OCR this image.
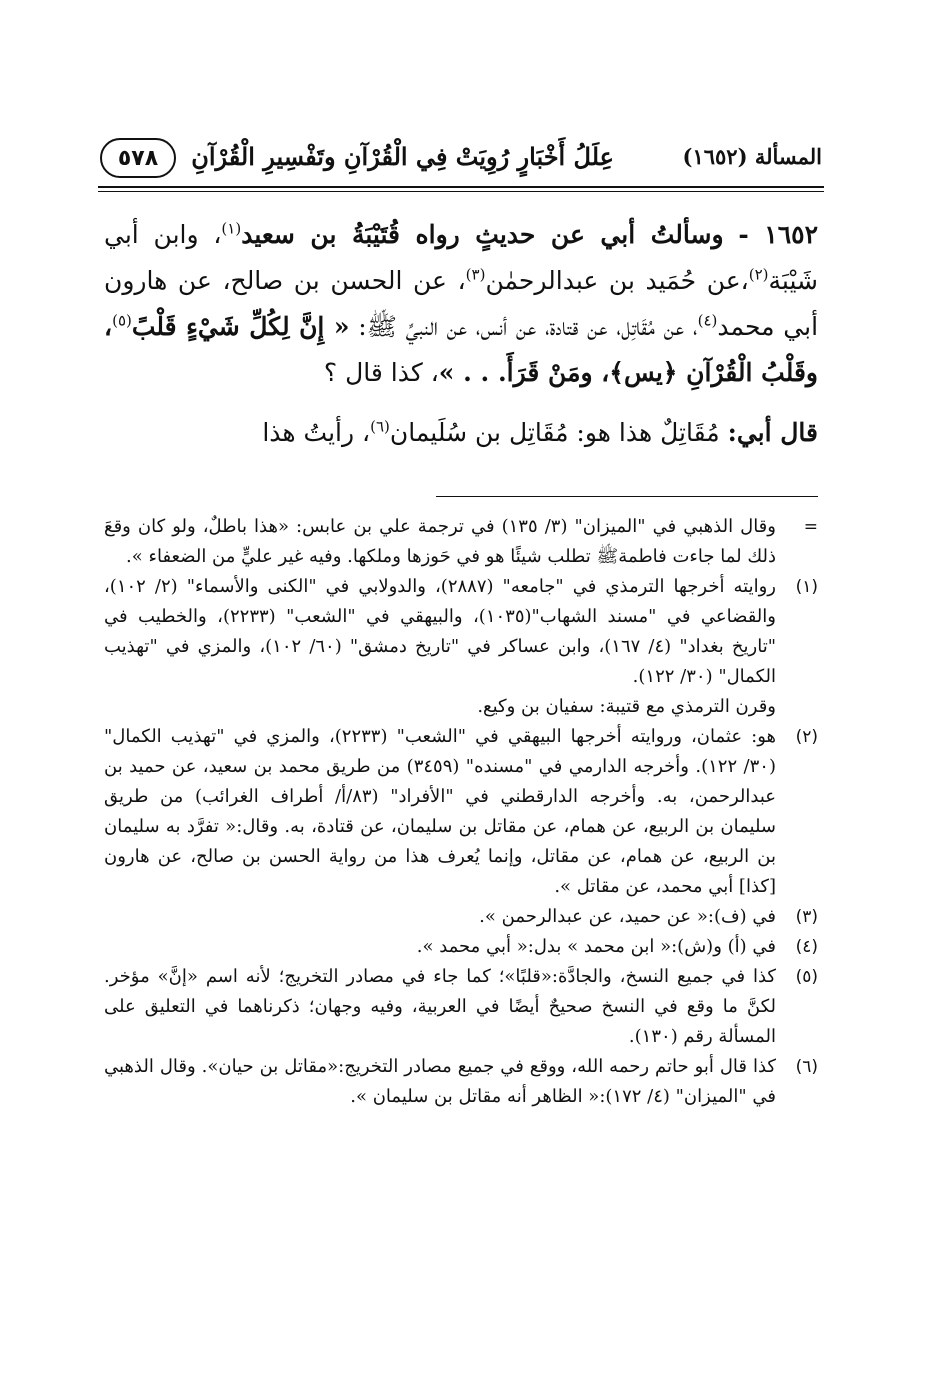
٥٧٨	عِلَلُ أَخْبَارٍ رُوِيَتْ فِي الْقُرْآنِ وتَفْسِيرِ الْقُرْآنِ	المسألة (١٦٥٢)

١٦٥٢ - وسألتُ أبي عن حديثٍ رواه قُتَيْبَةُ بن سعيد$^{(١)}$، وابن أبي شَيْبَة$^{(٢)}$،عن حُمَيد بن عبدالرحمٰن$^{(٣)}$، عن الحسن بن صالح، عن هارون أبي محمد$^{(٤)}$، عن مُقَاتِل، عن قتادة، عن أنس، عن النبيِّ ﷺ: « إِنَّ لِكُلِّ شَيْءٍ قَلْبً$^{(٥)}$، وقَلْبُ الْقُرْآنِ ﴿يس﴾، ومَنْ قَرَأَ. . . »، كذا قال ؟

قال أبي: مُقَاتِلٌ هذا هو: مُقَاتِل بن سُلَيمان$^{(٦)}$، رأيتُ هذا

=

وقال الذهبي في "الميزان" (٣/ ١٣٥) في ترجمة علي بن عابس: «هذا باطلٌ، ولو كان وقعَ ذلك لما جاءت فاطمةﷺ تطلب شيئًا هو في حَوزها وملكها. وفيه غير عليٍّ من الضعفاء ».

(١)

روايته أخرجها الترمذي في "جامعه" (٢٨٨٧)، والدولابي في "الكنى والأسماء" (٢/ ١٠٢)، والقضاعي في "مسند الشهاب"(١٠٣٥)، والبيهقي في "الشعب" (٢٢٣٣)، والخطيب في "تاريخ بغداد" (٤/ ١٦٧)، وابن عساكر في "تاريخ دمشق" (٦٠/ ١٠٢)، والمزي في "تهذيب الكمال" (٣٠/ ١٢٢).

وقرن الترمذي مع قتيبة: سفيان بن وكيع.

(٢)

هو: عثمان، وروايته أخرجها البيهقي في "الشعب" (٢٢٣٣)، والمزي في "تهذيب الكمال" (٣٠/ ١٢٢). وأخرجه الدارمي في "مسنده" (٣٤٥٩) من طريق محمد بن سعيد، عن حميد بن عبدالرحمن، به. وأخرجه الدارقطني في "الأفراد" (٨٣/أ/ أطراف الغرائب) من طريق سليمان بن الربيع، عن همام، عن مقاتل بن سليمان، عن قتادة، به. وقال:« تفرَّد به سليمان بن الربيع، عن همام، عن مقاتل، وإنما يُعرف هذا من رواية الحسن بن صالح، عن هارون [كذا] أبي محمد، عن مقاتل ».

(٣)

في (ف):« عن حميد، عن عبدالرحمن ».

(٤)

في (أ) و(ش):« ابن محمد » بدل:« أبي محمد ».

(٥)

كذا في جميع النسخ، والجادَّة:«قلبًا»؛ كما جاء في مصادر التخريج؛ لأنه اسم «إنَّ» مؤخر. لكنَّ ما وقع في النسخ صحيحٌ أيضًا في العربية، وفيه وجهان؛ ذكرناهما في التعليق على المسألة رقم (١٣٠).

(٦)

كذا قال أبو حاتم رحمه الله، ووقع في جميع مصادر التخريج:«مقاتل بن حيان». وقال الذهبي في "الميزان" (٤/ ١٧٢):« الظاهر أنه مقاتل بن سليمان ».
